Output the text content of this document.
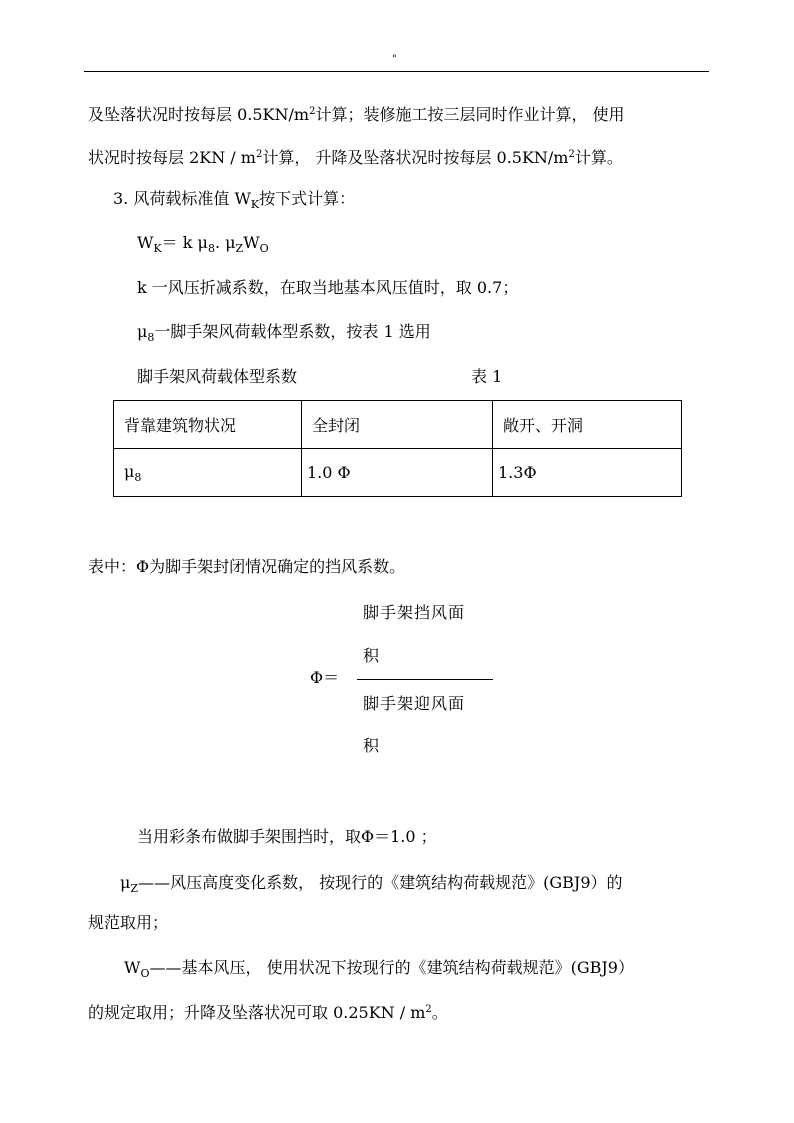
"
及坠落状况时按每层 $0.5KN/m^2$计算；装修施工按三层同时作业计算， 使用
状况时按每层 $2KN / m^2$计算， 升降及坠落状况时按每层 $0.5KN/m^2$计算。
3. 风荷载标准值 $W_K$按下式计算：
$W_K= k$ $\mu_8$. $\mu_ZW_O$
k 一风压折减系数，在取当地基本风压值时，取 0.7；
$\mu_8$一脚手架风荷载体型系数，按表 1 选用
脚手架风荷载体型系数	表 1
背靠建筑物状况	全封闭	敞开、开洞
$\mu_8$	1.0 Φ	1.3Φ
表中：Φ为脚手架封闭情况确定的挡风系数。
脚手架挡风面
积
Φ＝
脚手架迎风面
积
当用彩条布做脚手架围挡时，取Φ＝1.0 ；
$\mu_Z——$风压高度变化系数， 按现行的《建筑结构荷载规范》(GBJ9）的
规范取用；
$W_O——$基本风压， 使用状况下按现行的《建筑结构荷载规范》(GBJ9）
的规定取用；升降及坠落状况可取 $0.25KN / m^2$。
